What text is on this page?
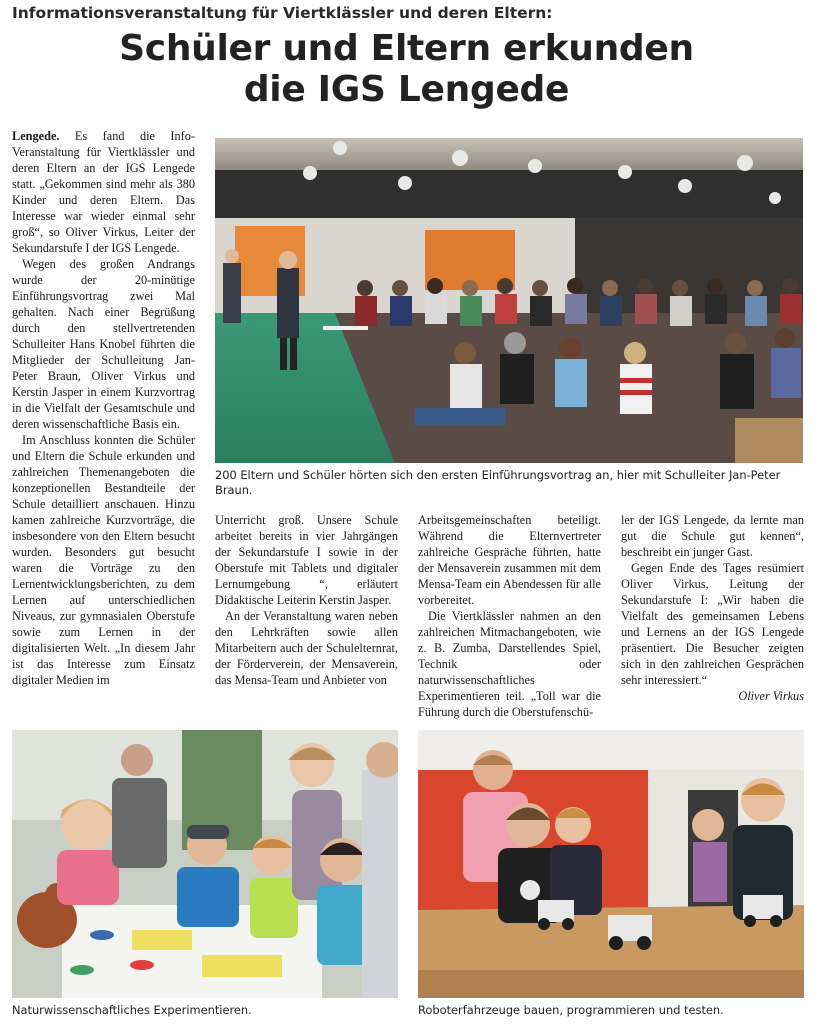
Informationsveranstaltung für Viertklässler und deren Eltern:
Schüler und Eltern erkunden
die IGS Lengede

Lengede. Es fand die Info-Veranstaltung für Viertklässler und deren Eltern an der IGS Lengede statt. „Gekommen sind mehr als 380 Kinder und deren Eltern. Das Interesse war wieder einmal sehr groß“, so Oliver Virkus, Leiter der Sekundarstufe I der IGS Lengede.

Wegen des großen Andrangs wurde der 20-minütige Einführungsvortrag zwei Mal gehalten. Nach einer Begrüßung durch den stellvertretenden Schulleiter Hans Knobel führten die Mitglieder der Schulleitung Jan-Peter Braun, Oliver Virkus und Kerstin Jasper in einem Kurzvortrag in die Vielfalt der Gesamtschule und deren wissenschaftliche Basis ein.

Im Anschluss konnten die Schüler und Eltern die Schule erkunden und zahlreichen Themenangeboten die konzeptionellen Bestandteile der Schule detailliert anschauen. Hinzu kamen zahlreiche Kurzvorträge, die insbesondere von den Eltern besucht wurden. Besonders gut besucht waren die Vorträge zu den Lernentwicklungsberichten, zu dem Lernen auf unterschiedlichen Niveaus, zur gymnasialen Oberstufe sowie zum Lernen in der digitalisierten Welt. „In diesem Jahr ist das Interesse zum Einsatz digitaler Medien im

200 Eltern und Schüler hörten sich den ersten Einführungsvortrag an, hier mit Schulleiter Jan-Peter Braun.

Unterricht groß. Unsere Schule arbeitet bereits in vier Jahrgängen der Sekundarstufe I sowie in der Oberstufe mit Tablets und digitaler Lernumgebung “, erläutert Didaktische Leiterin Kerstin Jasper.

An der Veranstaltung waren neben den Lehrkräften sowie allen Mitarbeitern auch der Schulelternrat, der Förderverein, der Mensaverein, das Mensa-Team und Anbieter von

Arbeitsgemeinschaften beteiligt. Während die Elternvertreter zahlreiche Gespräche führten, hatte der Mensaverein zusammen mit dem Mensa-Team ein Abendessen für alle vorbereitet.

Die Viertklässler nahmen an den zahlreichen Mitmachangeboten, wie z. B. Zumba, Darstellendes Spiel, Technik oder naturwissenschaftliches Experimentieren teil. „Toll war die Führung durch die Oberstufenschü-

ler der IGS Lengede, da lernte man gut die Schule gut kennen“, beschreibt ein junger Gast.

Gegen Ende des Tages resümiert Oliver Virkus, Leitung der Sekundarstufe I: „Wir haben die Vielfalt des gemeinsamen Lebens und Lernens an der IGS Lengede präsentiert. Die Besucher zeigten sich in den zahlreichen Gesprächen sehr interessiert.“

Oliver Virkus

Naturwissenschaftliches Experimentieren.	Roboterfahrzeuge bauen, programmieren und testen.
